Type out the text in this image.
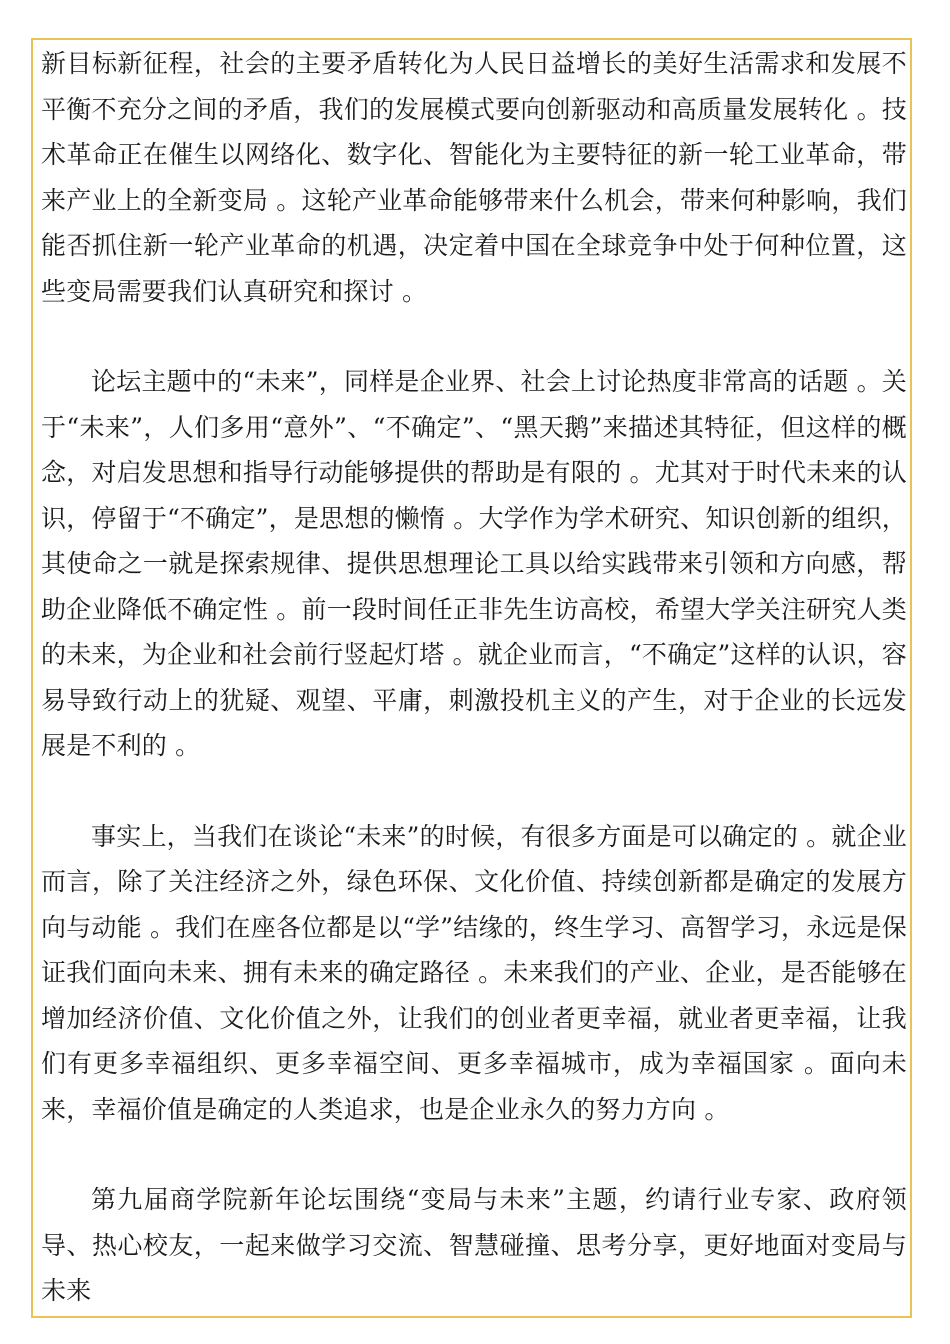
新目标新征程，社会的主要矛盾转化为人民日益增长的美好生活需求和发展不平衡不充分之间的矛盾，我们的发展模式要向创新驱动和高质量发展转化 。技术革命正在催生以网络化、数字化、智能化为主要特征的新一轮工业革命，带来产业上的全新变局 。这轮产业革命能够带来什么机会，带来何种影响，我们能否抓住新一轮产业革命的机遇，决定着中国在全球竞争中处于何种位置，这些变局需要我们认真研究和探讨 。

论坛主题中的“未来”，同样是企业界、社会上讨论热度非常高的话题 。关于“未来”，人们多用“意外”、“不确定”、“黑天鹅”来描述其特征，但这样的概念，对启发思想和指导行动能够提供的帮助是有限的 。尤其对于时代未来的认识，停留于“不确定”，是思想的懒惰 。大学作为学术研究、知识创新的组织，其使命之一就是探索规律、提供思想理论工具以给实践带来引领和方向感，帮助企业降低不确定性 。前一段时间任正非先生访高校，希望大学关注研究人类的未来，为企业和社会前行竖起灯塔 。就企业而言，“不确定”这样的认识，容易导致行动上的犹疑、观望、平庸，刺激投机主义的产生，对于企业的长远发展是不利的 。

事实上，当我们在谈论“未来”的时候，有很多方面是可以确定的 。就企业而言，除了关注经济之外，绿色环保、文化价值、持续创新都是确定的发展方向与动能 。我们在座各位都是以“学”结缘的，终生学习、高智学习，永远是保证我们面向未来、拥有未来的确定路径 。未来我们的产业、企业，是否能够在增加经济价值、文化价值之外，让我们的创业者更幸福，就业者更幸福，让我们有更多幸福组织、更多幸福空间、更多幸福城市，成为幸福国家 。面向未来，幸福价值是确定的人类追求，也是企业永久的努力方向 。

第九届商学院新年论坛围绕“变局与未来”主题，约请行业专家、政府领导、热心校友，一起来做学习交流、智慧碰撞、思考分享，更好地面对变局与未来
